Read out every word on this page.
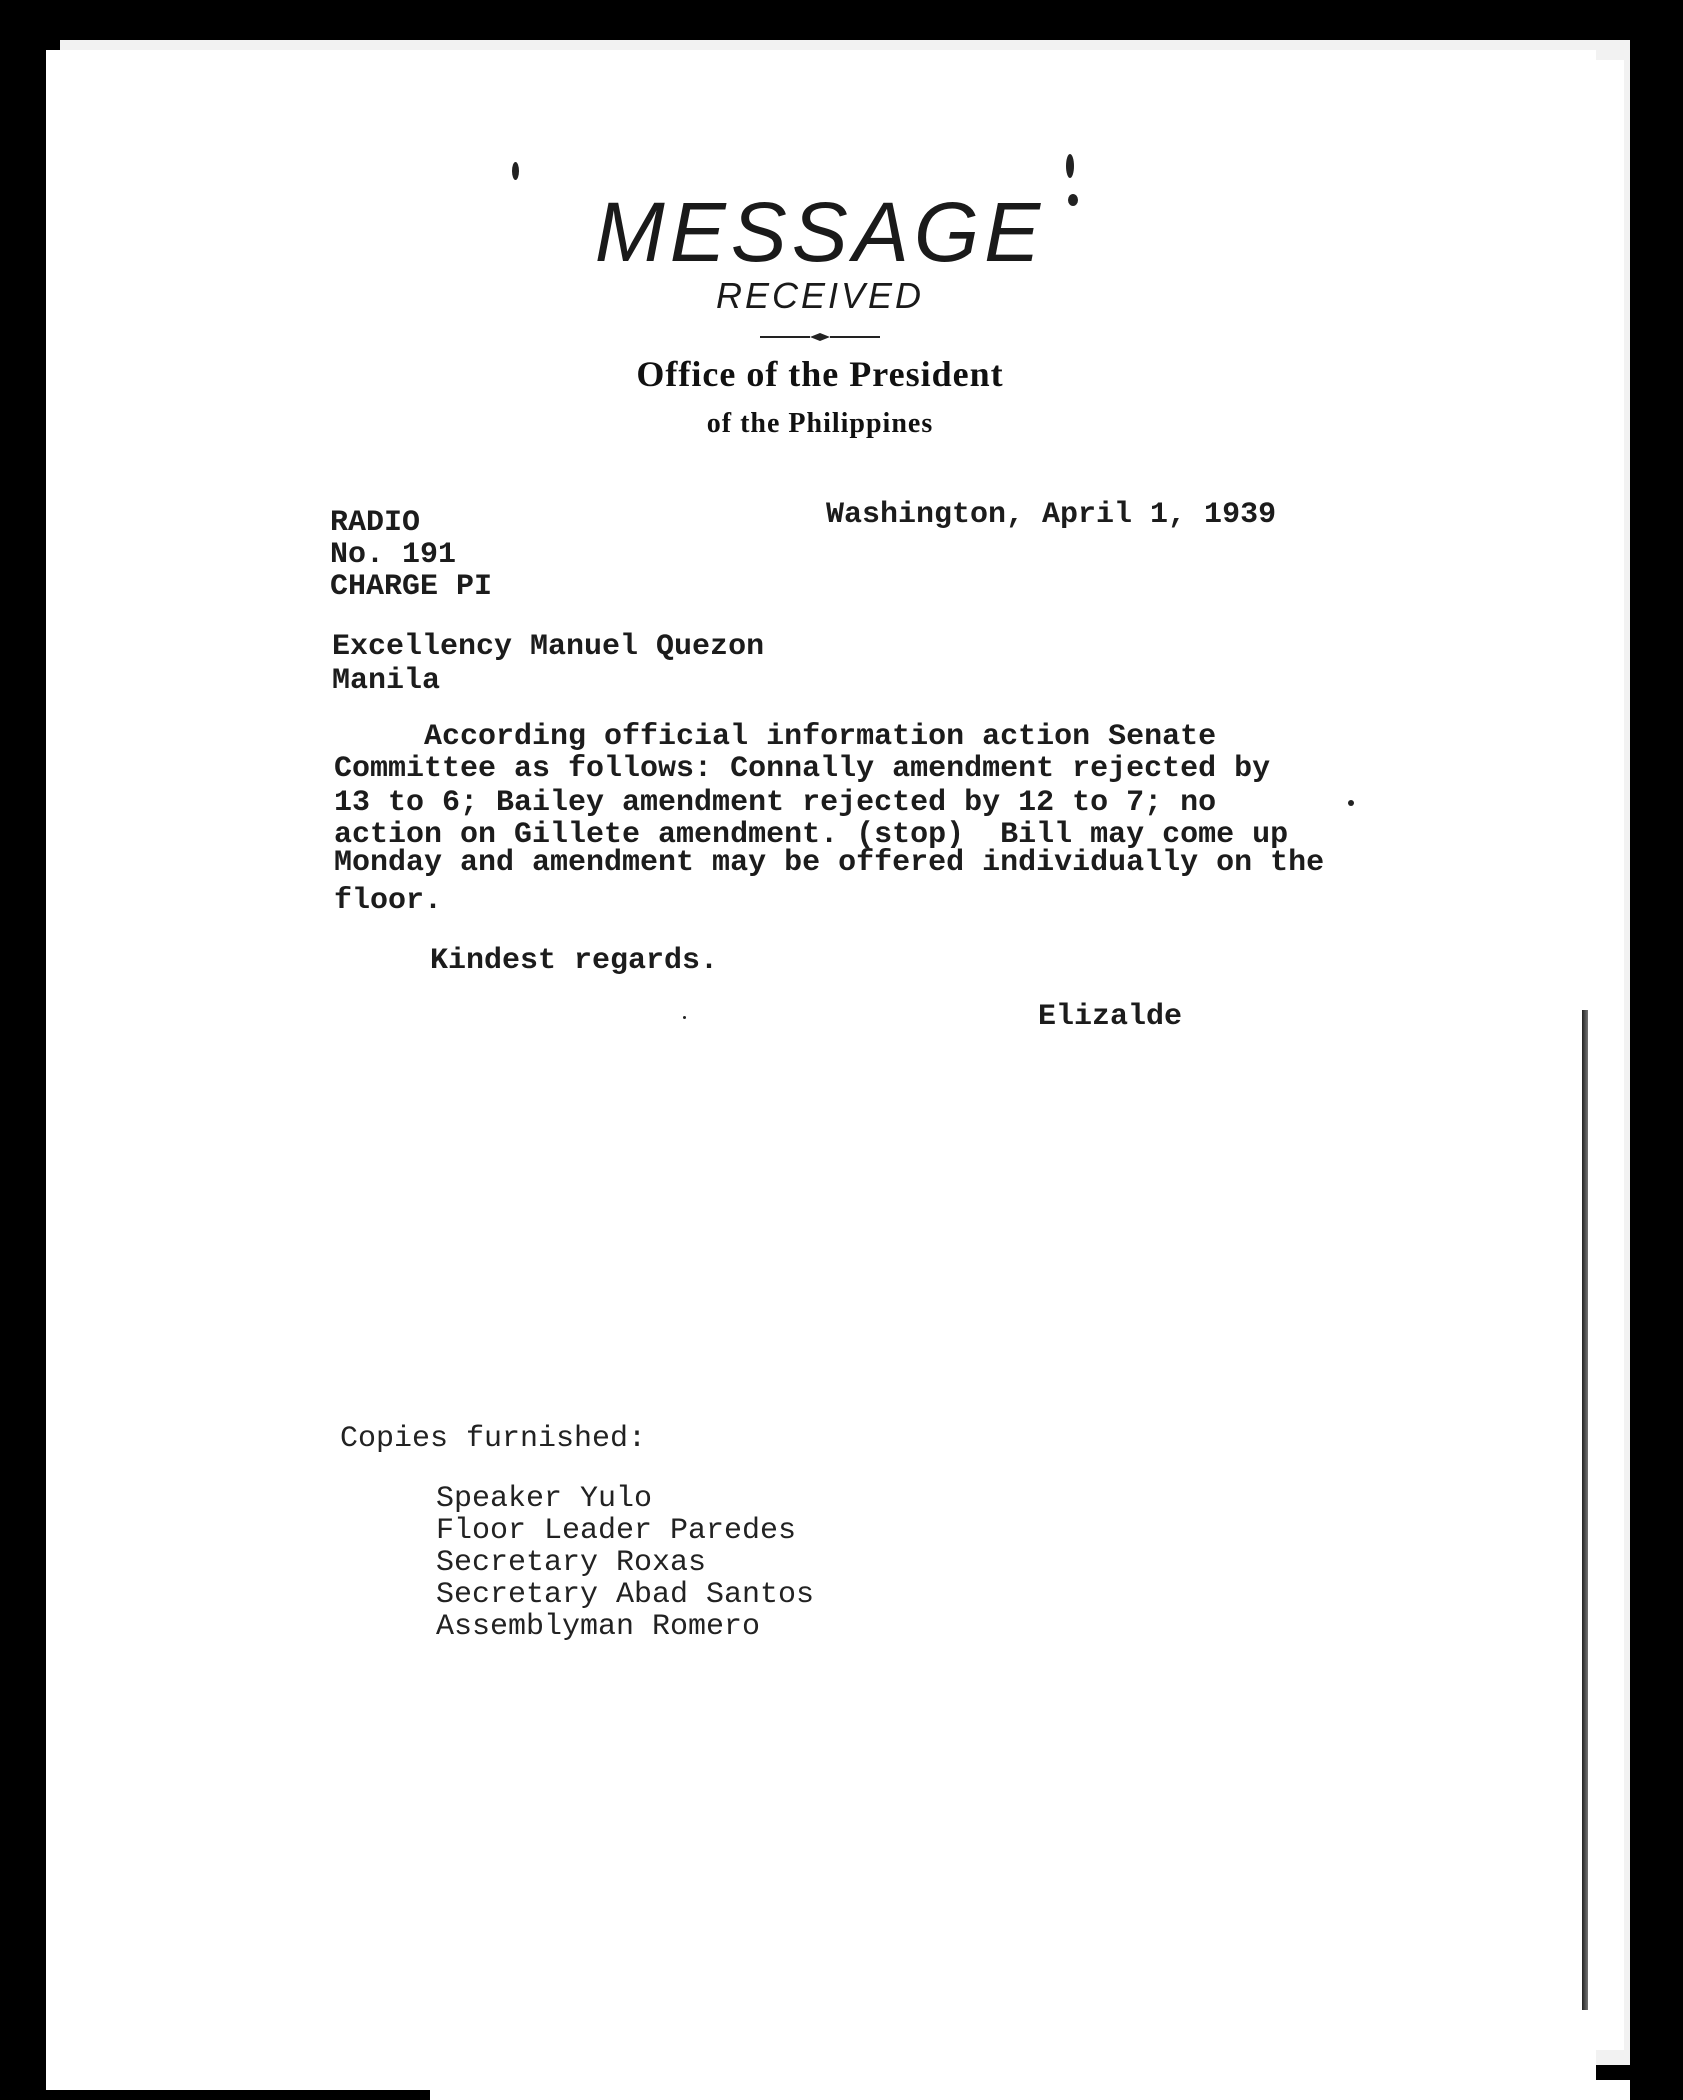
MESSAGE
RECEIVED
Office of the President
of the Philippines
RADIO
No. 191
CHARGE PI
Washington, April 1, 1939
Excellency Manuel Quezon
Manila
According official information action Senate
Committee as follows: Connally amendment rejected by
13 to 6; Bailey amendment rejected by 12 to 7; no
action on Gillete amendment. (stop)  Bill may come up
Monday and amendment may be offered individually on the
floor.
Kindest regards.
Elizalde
Copies furnished:
Speaker Yulo
Floor Leader Paredes
Secretary Roxas
Secretary Abad Santos
Assemblyman Romero
